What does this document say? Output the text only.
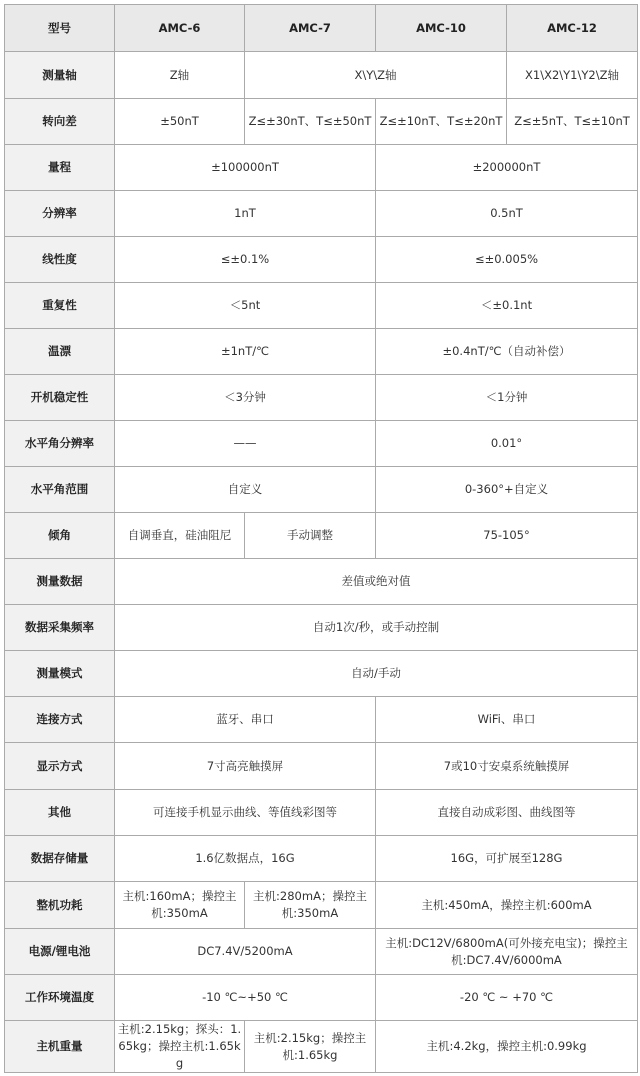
型号	AMC-6	AMC-7	AMC-10	AMC-12
测量轴	Z轴	X\Y\Z轴		X1\X2\Y1\Y2\Z轴
转向差	±50nT	Z≤±30nT、T≤±50nT	Z≤±10nT、T≤±20nT	Z≤±5nT、T≤±10nT
量程	±100000nT		±200000nT	
分辨率	1nT		0.5nT	
线性度	≤±0.1%		≤±0.005%	
重复性	＜5nt		＜±0.1nt	
温漂	±1nT/℃		±0.4nT/℃（自动补偿）	
开机稳定性	＜3分钟		＜1分钟	
水平角分辨率	——		0.01°	
水平角范围	自定义		0-360°+自定义	
倾角	自调垂直，硅油阻尼	手动调整	75-105°	
测量数据	差值或绝对值			
数据采集频率	自动1次/秒，或手动控制			
测量模式	自动/手动			
连接方式	蓝牙、串口		WiFi、串口	
显示方式	7寸高亮触摸屏		7或10寸安桌系统触摸屏	
其他	可连接手机显示曲线、等值线彩图等		直接自动成彩图、曲线图等	
数据存储量	1.6亿数据点，16G		16G，可扩展至128G	
整机功耗	主机:160mA；操控主机:350mA	主机:280mA；操控主机:350mA	主机:450mA，操控主机:600mA	
电源/锂电池	DC7.4V/5200mA		主机:DC12V/6800mA(可外接充电宝)；操控主机:DC7.4V/6000mA	
工作环境温度	-10 ℃~+50 ℃		-20 ℃ ~ +70 ℃	
主机重量	主机:2.15kg；探头：1.65kg；操控主机:1.65kg	主机:2.15kg；操控主机:1.65kg	主机:4.2kg，操控主机:0.99kg	
